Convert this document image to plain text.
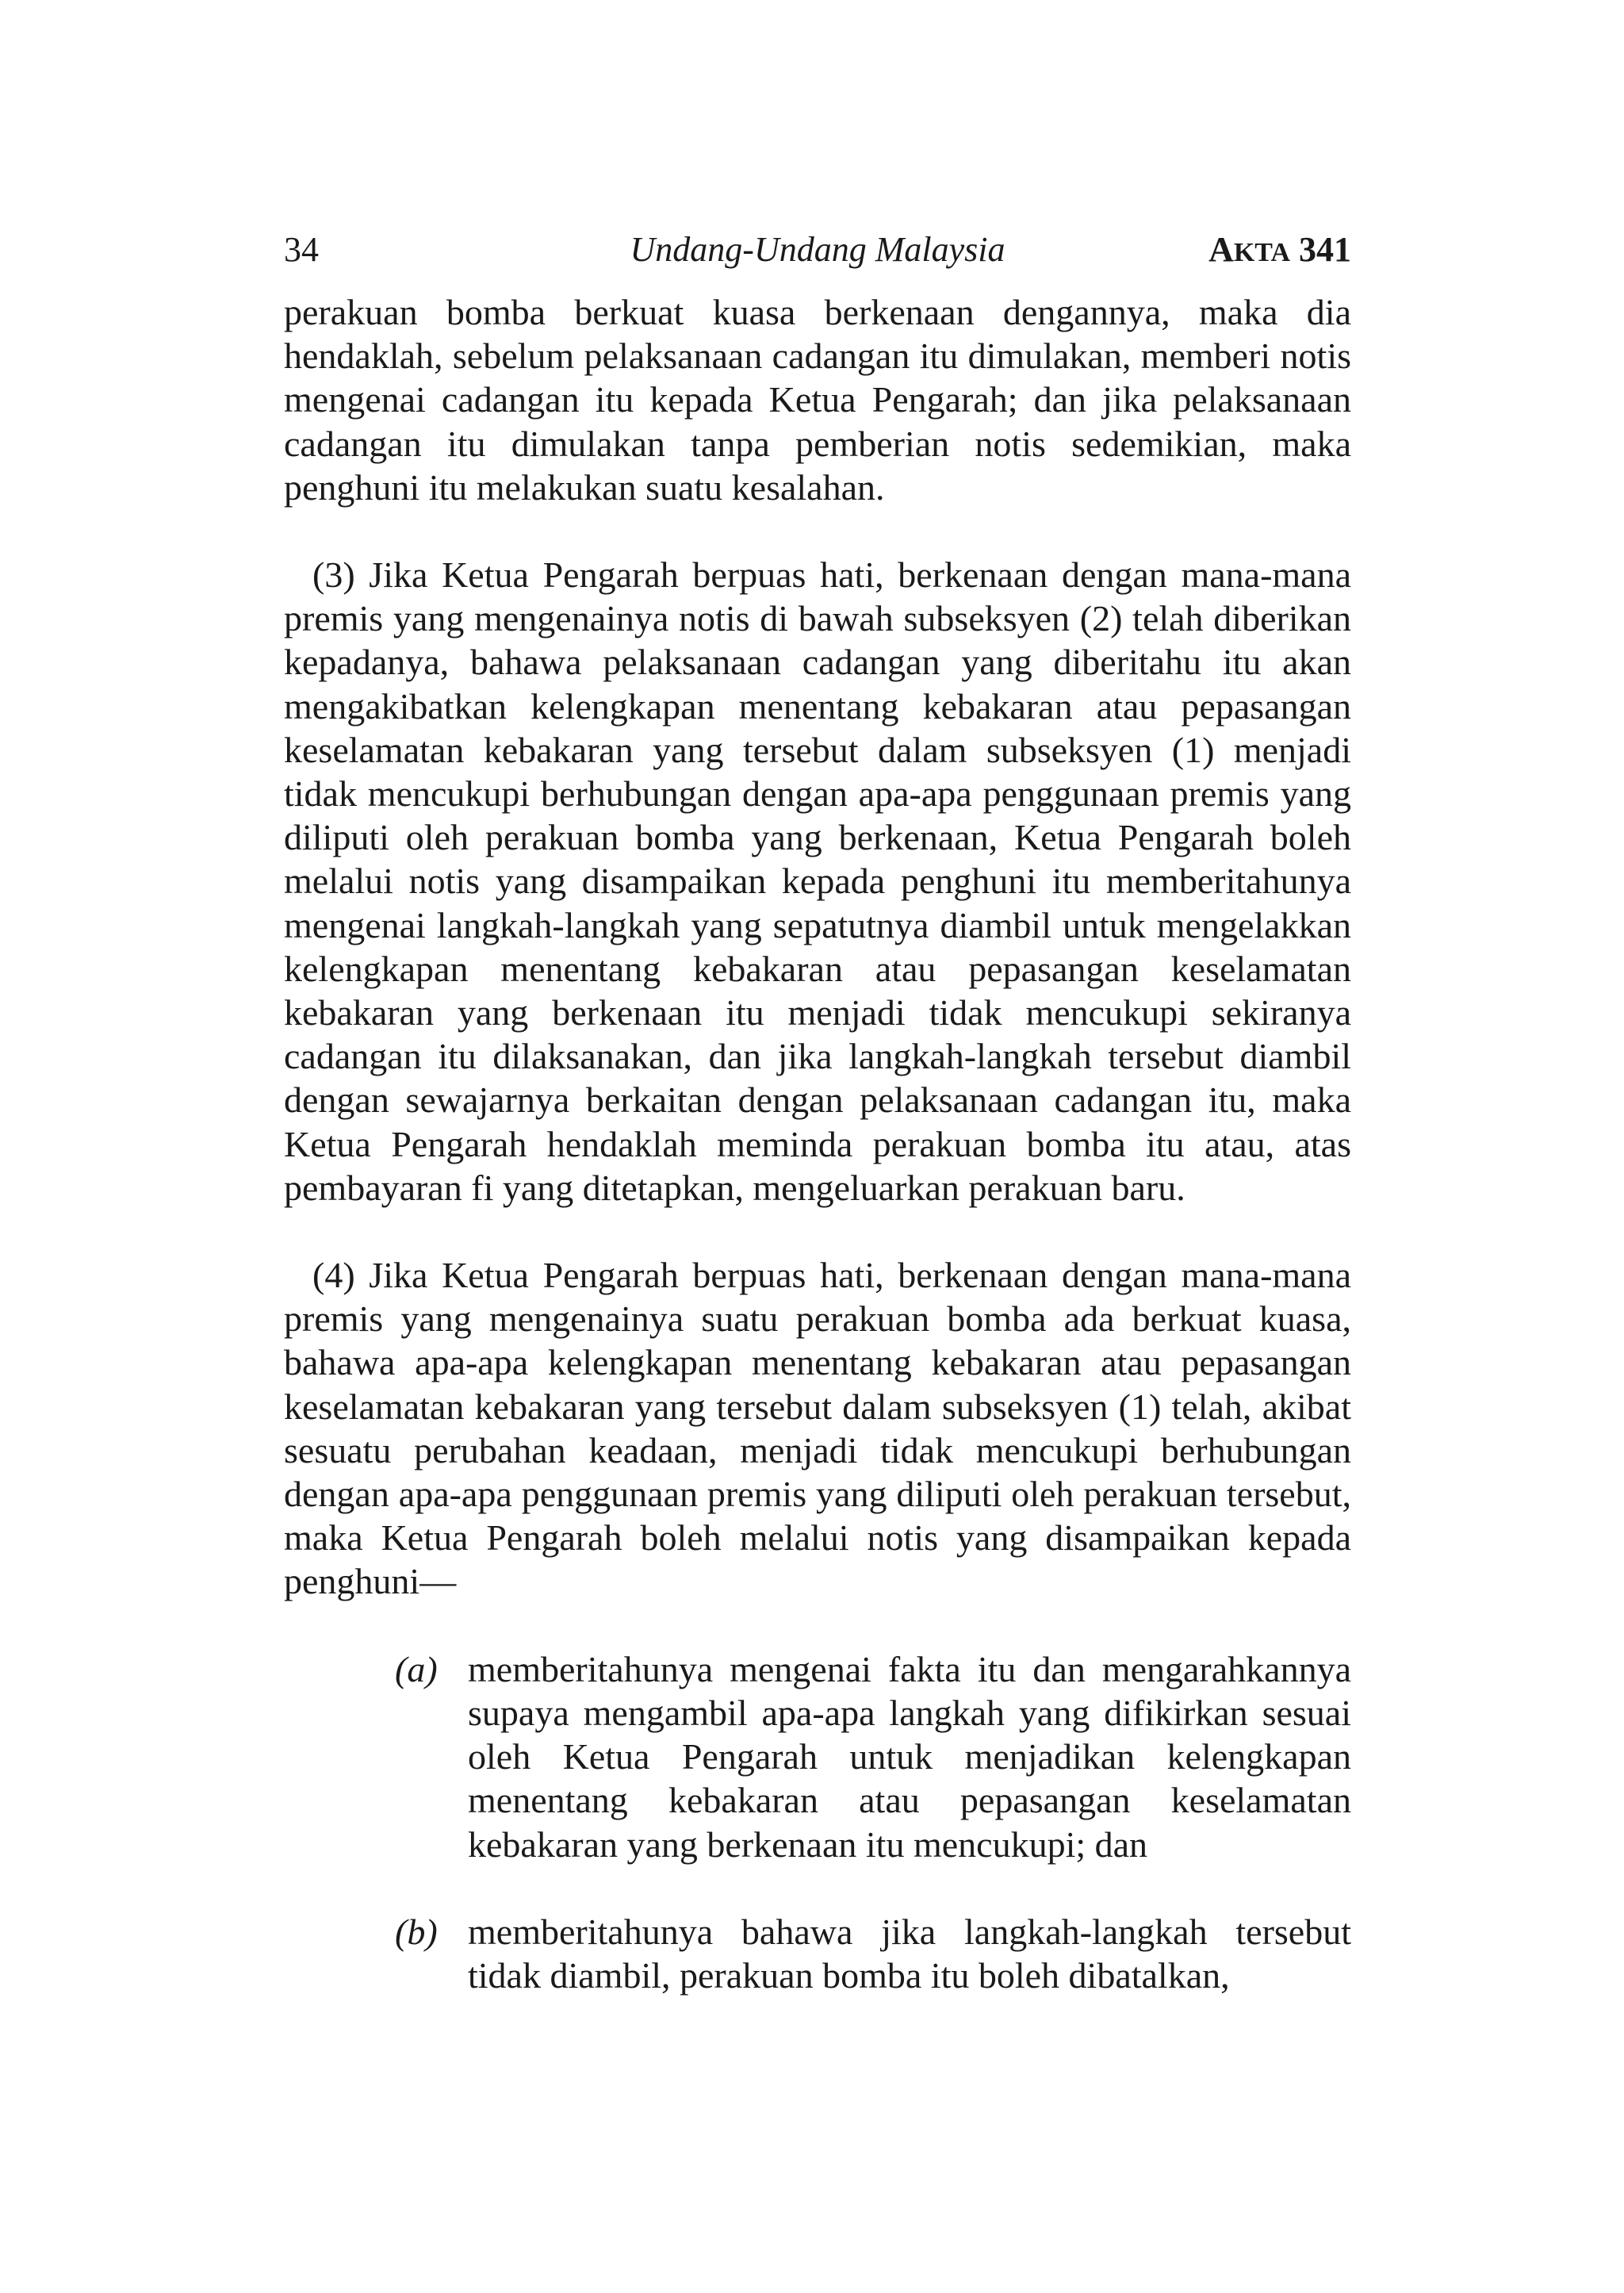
34	Undang-Undang Malaysia	AKTA 341

perakuan bomba berkuat kuasa berkenaan dengannya, maka dia hendaklah, sebelum pelaksanaan cadangan itu dimulakan, memberi notis mengenai cadangan itu kepada Ketua Pengarah; dan jika pelaksanaan cadangan itu dimulakan tanpa pemberian notis sedemikian, maka penghuni itu melakukan suatu kesalahan.

(3) Jika Ketua Pengarah berpuas hati, berkenaan dengan mana-mana premis yang mengenainya notis di bawah subseksyen (2) telah diberikan kepadanya, bahawa pelaksanaan cadangan yang diberitahu itu akan mengakibatkan kelengkapan menentang kebakaran atau pepasangan keselamatan kebakaran yang tersebut dalam subseksyen (1) menjadi tidak mencukupi berhubungan dengan apa-apa penggunaan premis yang diliputi oleh perakuan bomba yang berkenaan, Ketua Pengarah boleh melalui notis yang disampaikan kepada penghuni itu memberitahunya mengenai langkah-langkah yang sepatutnya diambil untuk mengelakkan kelengkapan menentang kebakaran atau pepasangan keselamatan kebakaran yang berkenaan itu menjadi tidak mencukupi sekiranya cadangan itu dilaksanakan, dan jika langkah-langkah tersebut diambil dengan sewajarnya berkaitan dengan pelaksanaan cadangan itu, maka Ketua Pengarah hendaklah meminda perakuan bomba itu atau, atas pembayaran fi yang ditetapkan, mengeluarkan perakuan baru.

(4) Jika Ketua Pengarah berpuas hati, berkenaan dengan mana-mana premis yang mengenainya suatu perakuan bomba ada berkuat kuasa, bahawa apa-apa kelengkapan menentang kebakaran atau pepasangan keselamatan kebakaran yang tersebut dalam subseksyen (1) telah, akibat sesuatu perubahan keadaan, menjadi tidak mencukupi berhubungan dengan apa-apa penggunaan premis yang diliputi oleh perakuan tersebut, maka Ketua Pengarah boleh melalui notis yang disampaikan kepada penghuni—

(a) memberitahunya mengenai fakta itu dan mengarahkannya supaya mengambil apa-apa langkah yang difikirkan sesuai oleh Ketua Pengarah untuk menjadikan kelengkapan menentang kebakaran atau pepasangan keselamatan kebakaran yang berkenaan itu mencukupi; dan
(b) memberitahunya bahawa jika langkah-langkah tersebut tidak diambil, perakuan bomba itu boleh dibatalkan,
